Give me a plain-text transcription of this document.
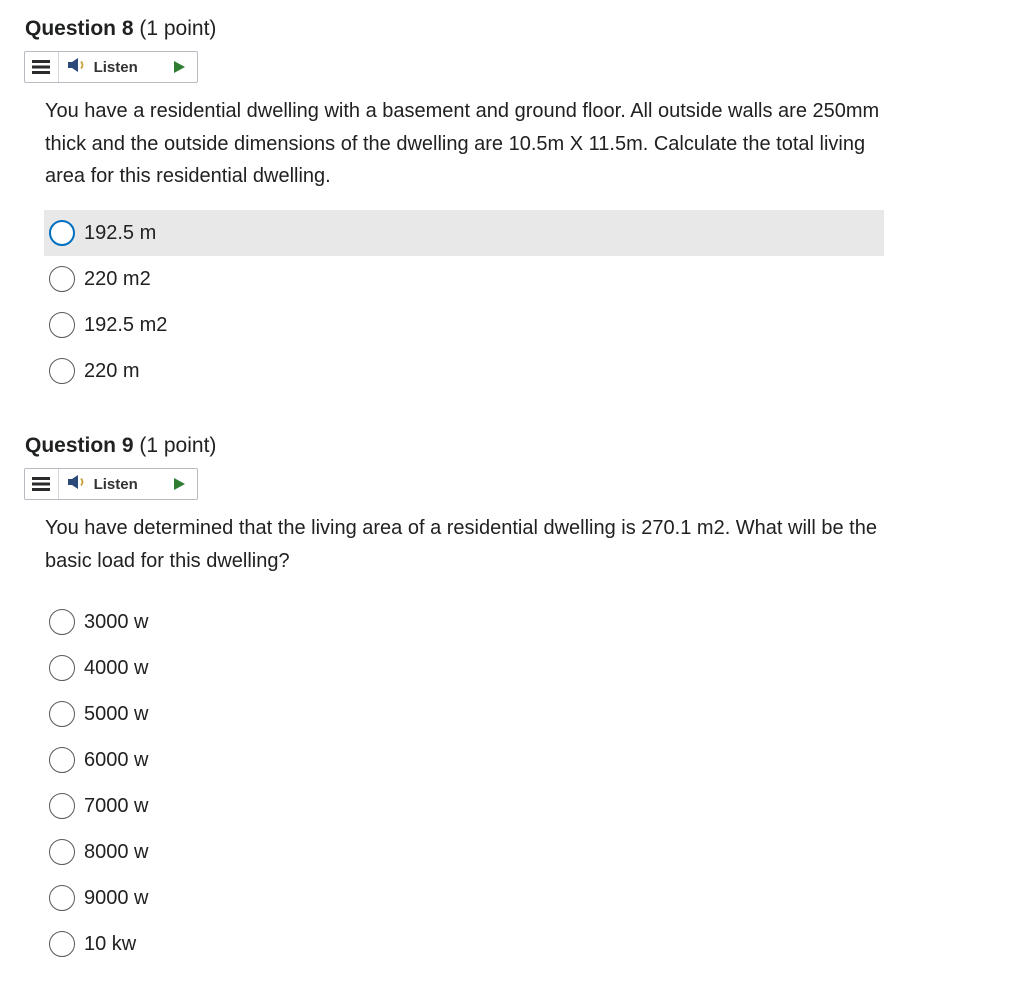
Question 8 (1 point)
Listen
You have a residential dwelling with a basement and ground floor. All outside walls are 250mm thick and the outside dimensions of the dwelling are 10.5m X 11.5m. Calculate the total living area for this residential dwelling.
192.5 m
220 m2
192.5 m2
220 m
Question 9 (1 point)
Listen
You have determined that the living area of a residential dwelling is 270.1 m2. What will be the basic load for this dwelling?
3000 w
4000 w
5000 w
6000 w
7000 w
8000 w
9000 w
10 kw
